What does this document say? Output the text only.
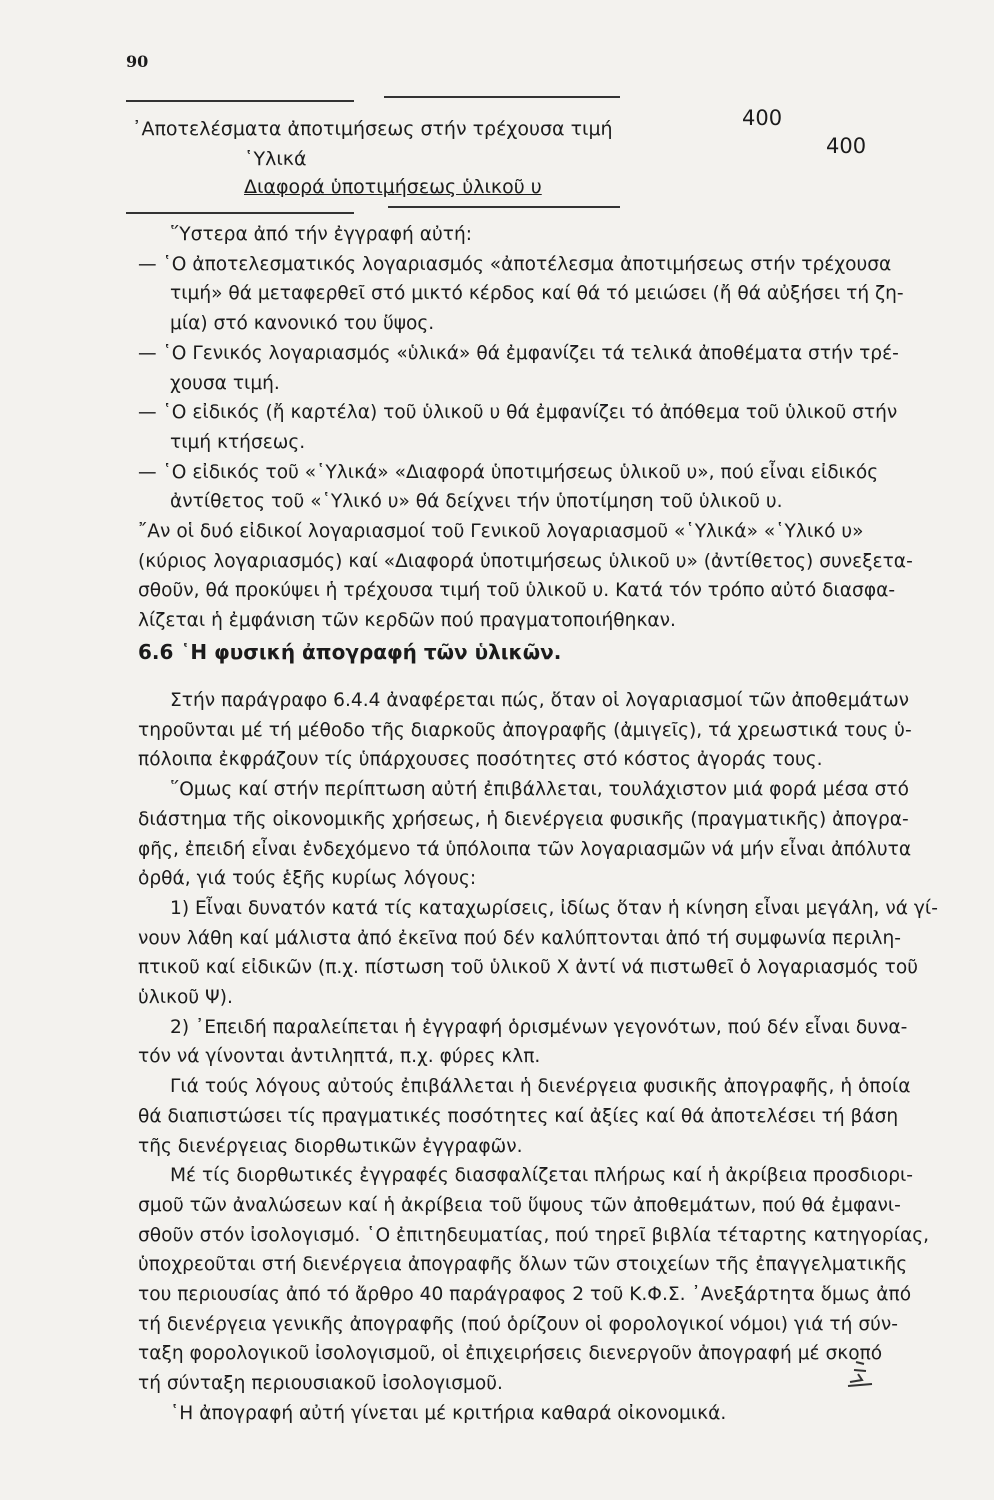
90
᾿Αποτελέσματα ἀποτιμήσεως στήν τρέχουσα τιμή	400
῾Υλικά
400
Διαφορά ὑποτιμήσεως ὑλικοῦ υ
῞Υστερα ἀπό τήν ἐγγραφή αὐτή:
— ῾Ο ἀποτελεσματικός λογαριασμός «ἀποτέλεσμα ἀποτιμήσεως στήν τρέχουσα
τιμή» θά μεταφερθεῖ στό μικτό κέρδος καί θά τό μειώσει (ἤ θά αὐξήσει τή ζη-
μία) στό κανονικό του ὕψος.
— ῾Ο Γενικός λογαριασμός «ὑλικά» θά ἐμφανίζει τά τελικά ἀποθέματα στήν τρέ-
χουσα τιμή.
— ῾Ο εἰδικός (ἤ καρτέλα) τοῦ ὑλικοῦ υ θά ἐμφανίζει τό ἀπόθεμα τοῦ ὑλικοῦ στήν
τιμή κτήσεως.
— ῾Ο εἰδικός τοῦ «῾Υλικά» «Διαφορά ὑποτιμήσεως ὑλικοῦ υ», πού εἶναι εἰδικός
ἀντίθετος τοῦ «῾Υλικό υ» θά δείχνει τήν ὑποτίμηση τοῦ ὑλικοῦ υ.
῎Αν οἱ δυό εἰδικοί λογαριασμοί τοῦ Γενικοῦ λογαριασμοῦ «῾Υλικά» «῾Υλικό υ»
(κύριος λογαριασμός) καί «Διαφορά ὑποτιμήσεως ὑλικοῦ υ» (ἀντίθετος) συνεξετα-
σθοῦν, θά προκύψει ἡ τρέχουσα τιμή τοῦ ὑλικοῦ υ. Κατά τόν τρόπο αὐτό διασφα-
λίζεται ἡ ἐμφάνιση τῶν κερδῶν πού πραγματοποιήθηκαν.
6.6 ῾Η φυσική ἀπογραφή τῶν ὑλικῶν.
Στήν παράγραφο 6.4.4 ἀναφέρεται πώς, ὅταν οἱ λογαριασμοί τῶν ἀποθεμάτων
τηροῦνται μέ τή μέθοδο τῆς διαρκοῦς ἀπογραφῆς (ἀμιγεῖς), τά χρεωστικά τους ὑ-
πόλοιπα ἐκφράζουν τίς ὑπάρχουσες ποσότητες στό κόστος ἀγοράς τους.
῞Ομως καί στήν περίπτωση αὐτή ἐπιβάλλεται, τουλάχιστον μιά φορά μέσα στό
διάστημα τῆς οἰκονομικῆς χρήσεως, ἡ διενέργεια φυσικῆς (πραγματικῆς) ἀπογρα-
φῆς, ἐπειδή εἶναι ἐνδεχόμενο τά ὑπόλοιπα τῶν λογαριασμῶν νά μήν εἶναι ἀπόλυτα
ὀρθά, γιά τούς ἑξῆς κυρίως λόγους:
1) Εἶναι δυνατόν κατά τίς καταχωρίσεις, ἰδίως ὅταν ἡ κίνηση εἶναι μεγάλη, νά γί-
νουν λάθη καί μάλιστα ἀπό ἐκεῖνα πού δέν καλύπτονται ἀπό τή συμφωνία περιλη-
πτικοῦ καί εἰδικῶν (π.χ. πίστωση τοῦ ὑλικοῦ Χ ἀντί νά πιστωθεῖ ὁ λογαριασμός τοῦ
ὑλικοῦ Ψ).
2) ᾿Επειδή παραλείπεται ἡ ἐγγραφή ὁρισμένων γεγονότων, πού δέν εἶναι δυνα-
τόν νά γίνονται ἀντιληπτά, π.χ. φύρες κλπ.
Γιά τούς λόγους αὐτούς ἐπιβάλλεται ἡ διενέργεια φυσικῆς ἀπογραφῆς, ἡ ὁποία
θά διαπιστώσει τίς πραγματικές ποσότητες καί ἀξίες καί θά ἀποτελέσει τή βάση
τῆς διενέργειας διορθωτικῶν ἐγγραφῶν.
Μέ τίς διορθωτικές ἐγγραφές διασφαλίζεται πλήρως καί ἡ ἀκρίβεια προσδιορι-
σμοῦ τῶν ἀναλώσεων καί ἡ ἀκρίβεια τοῦ ὕψους τῶν ἀποθεμάτων, πού θά ἐμφανι-
σθοῦν στόν ἰσολογισμό. ῾Ο ἐπιτηδευματίας, πού τηρεῖ βιβλία τέταρτης κατηγορίας,
ὑποχρεοῦται στή διενέργεια ἀπογραφῆς ὅλων τῶν στοιχείων τῆς ἐπαγγελματικῆς
του περιουσίας ἀπό τό ἄρθρο 40 παράγραφος 2 τοῦ Κ.Φ.Σ. ᾿Ανεξάρτητα ὅμως ἀπό
τή διενέργεια γενικῆς ἀπογραφῆς (πού ὁρίζουν οἱ φορολογικοί νόμοι) γιά τή σύν-
ταξη φορολογικοῦ ἰσολογισμοῦ, οἱ ἐπιχειρήσεις διενεργοῦν ἀπογραφή μέ σκοπό
τή σύνταξη περιουσιακοῦ ἰσολογισμοῦ.
῾Η ἀπογραφή αὐτή γίνεται μέ κριτήρια καθαρά οἰκονομικά.
